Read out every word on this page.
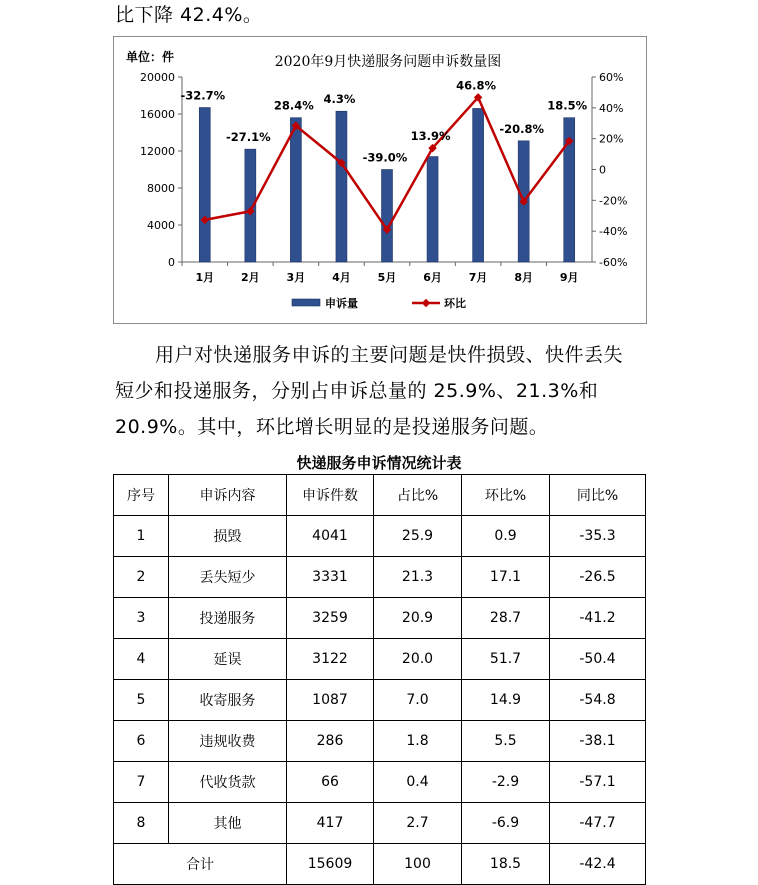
比下降 42.4%。

2020年9月快递服务问题申诉数量图
单位：件
0
4000
8000
12000
16000
20000
-60%
-40%
-20%
0
20%
40%
60%
1月 2月 3月 4月 5月 6月 7月 8月 9月
-32.7%
-27.1%
28.4% 4.3%
-39.0%
13.9%
46.8%
-20.8%
18.5%
申诉量	环比

用户对快递服务申诉的主要问题是快件损毁、快件丢失

短少和投递服务，分别占申诉总量的 25.9%、21.3%和

20.9%。其中，环比增长明显的是投递服务问题。

快递服务申诉情况统计表

序号	申诉内容	申诉件数	占比%	环比%	同比%
1	损毁	4041	25.9	0.9	-35.3
2	丢失短少	3331	21.3	17.1	-26.5
3	投递服务	3259	20.9	28.7	-41.2
4	延误	3122	20.0	51.7	-50.4
5	收寄服务	1087	7.0	14.9	-54.8
6	违规收费	286	1.8	5.5	-38.1
7	代收货款	66	0.4	-2.9	-57.1
8	其他	417	2.7	-6.9	-47.7
合计		15609	100	18.5	-42.4
